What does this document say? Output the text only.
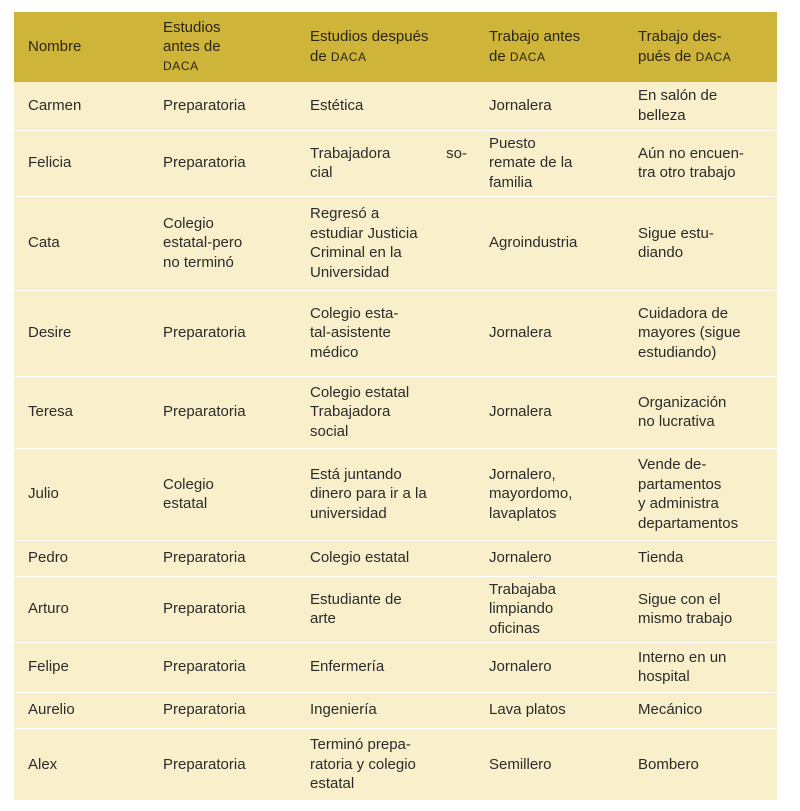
Nombre	Estudios
antes de
DACA	Estudios después
de DACA	Trabajo antes
de DACA	Trabajo des-
pués de DACA

Carmen	Preparatoria	Estética	Jornalera	En salón de
belleza

Felicia	Preparatoria	Trabajadora so-
cial	Puesto
remate de la
familia	Aún no encuen-
tra otro trabajo

Cata	Colegio
estatal-pero
no terminó	Regresó a
estudiar Justicia
Criminal en la
Universidad	Agroindustria	Sigue estu-
diando

Desire	Preparatoria	Colegio esta-
tal-asistente
médico	Jornalera	Cuidadora de
mayores (sigue
estudiando)

Teresa	Preparatoria	Colegio estatal
Trabajadora
social	Jornalera	Organización
no lucrativa

Julio	Colegio
estatal	Está juntando
dinero para ir a la
universidad	Jornalero,
mayordomo,
lavaplatos	Vende de-
partamentos
y administra
departamentos

Pedro	Preparatoria	Colegio estatal	Jornalero	Tienda

Arturo	Preparatoria	Estudiante de
arte	Trabajaba
limpiando
oficinas	Sigue con el
mismo trabajo

Felipe	Preparatoria	Enfermería	Jornalero	Interno en un
hospital

Aurelio	Preparatoria	Ingeniería	Lava platos	Mecánico

Alex	Preparatoria	Terminó prepa-
ratoria y colegio
estatal	Semillero	Bombero
